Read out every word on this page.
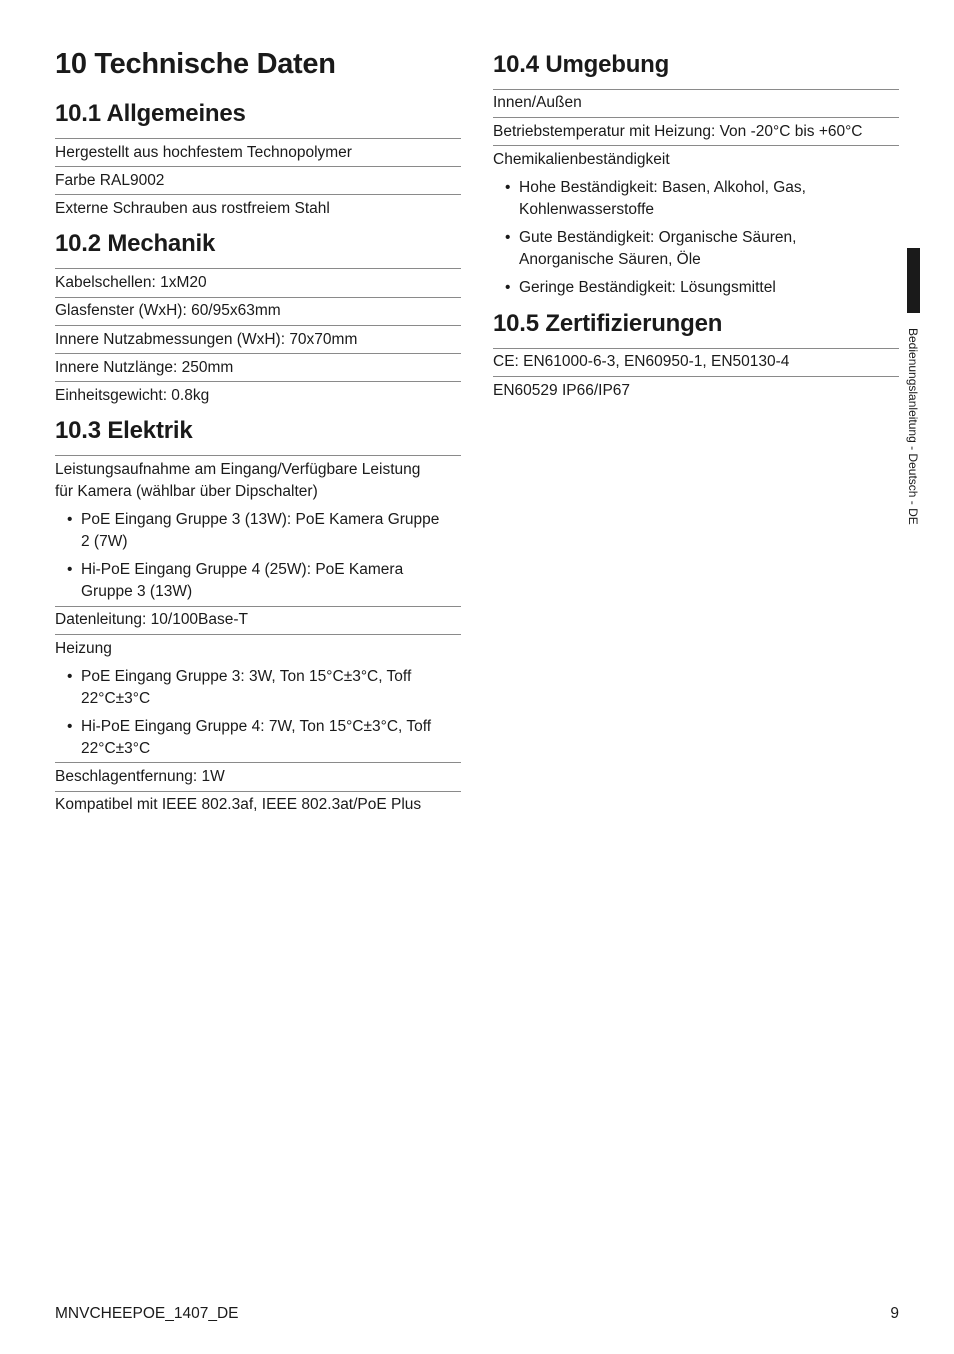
10 Technische Daten
10.1 Allgemeines
Hergestellt aus hochfestem Technopolymer
Farbe RAL9002
Externe Schrauben aus rostfreiem Stahl
10.2 Mechanik
Kabelschellen: 1xM20
Glasfenster (WxH): 60/95x63mm
Innere Nutzabmessungen (WxH): 70x70mm
Innere Nutzlänge: 250mm
Einheitsgewicht: 0.8kg
10.3 Elektrik
Leistungsaufnahme am Eingang/Verfügbare Leistung
für Kamera (wählbar über Dipschalter)
• PoE Eingang Gruppe 3 (13W): PoE Kamera Gruppe
2 (7W)
• Hi-PoE Eingang Gruppe 4 (25W): PoE Kamera
Gruppe 3 (13W)
Datenleitung: 10/100Base-T
Heizung
• PoE Eingang Gruppe 3: 3W, Ton 15°C±3°C, Toff
22°C±3°C
• Hi-PoE Eingang Gruppe 4: 7W, Ton 15°C±3°C, Toff
22°C±3°C
Beschlagentfernung: 1W
Kompatibel mit IEEE 802.3af, IEEE 802.3at/PoE Plus
10.4 Umgebung
Innen/Außen
Betriebstemperatur mit Heizung: Von -20°C bis +60°C
Chemikalienbeständigkeit
• Hohe Beständigkeit: Basen, Alkohol, Gas,
Kohlenwasserstoffe
• Gute Beständigkeit: Organische Säuren,
Anorganische Säuren, Öle
• Geringe Beständigkeit: Lösungsmittel
10.5 Zertifizierungen
CE: EN61000-6-3, EN60950-1, EN50130-4
EN60529 IP66/IP67	Bedienungslanleitung - Deutsch - DE
MNVCHEEPOE_1407_DE	9
